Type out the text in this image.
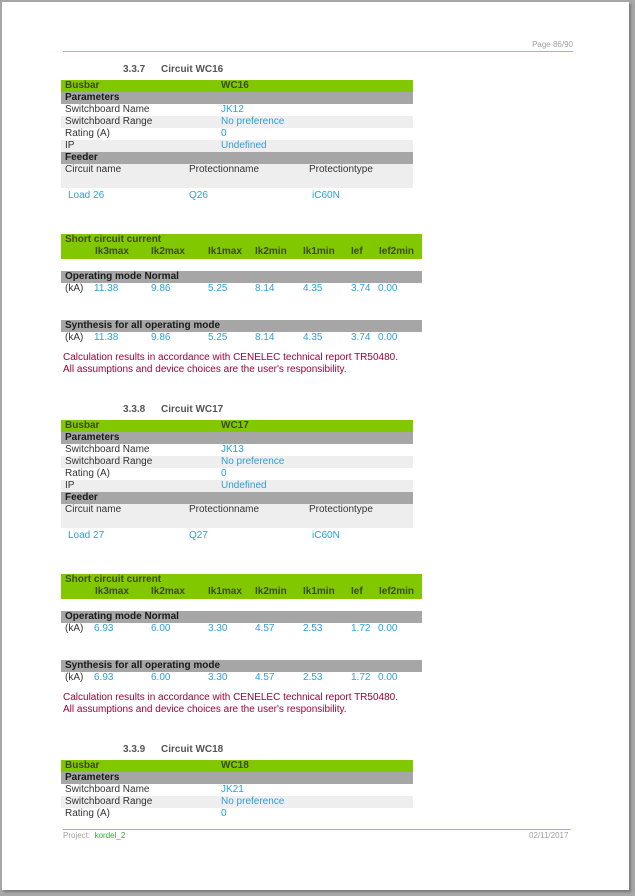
Page 86/90
3.3.7 Circuit WC16
Busbar	WC16
Parameters
Switchboard Name	JK12
Switchboard Range	No preference
Rating (A)	0
IP	Undefined
Feeder
Circuit name	Protectionname	Protectiontype
Load 26	Q26	iC60N
Short circuit current
Ik3max Ik2max Ik1max Ik2min Ik1min Ief Ief2min
Operating mode Normal
(kA) 11.38	9.86	5.25	8.14	4.35	3.74 0.00
Synthesis for all operating mode
(kA) 11.38	9.86	5.25	8.14	4.35	3.74 0.00
Calculation results in accordance with CENELEC technical report TR50480.
All assumptions and device choices are the user's responsibility.
3.3.8 Circuit WC17
Busbar	WC17
Parameters
Switchboard Name	JK13
Switchboard Range	No preference
Rating (A)	0
IP	Undefined
Feeder
Circuit name	Protectionname	Protectiontype
Load 27	Q27	iC60N
Short circuit current
Ik3max Ik2max Ik1max Ik2min Ik1min Ief Ief2min
Operating mode Normal
(kA) 6.93	6.00	3.30	4.57	2.53	1.72 0.00
Synthesis for all operating mode
(kA) 6.93	6.00	3.30	4.57	2.53	1.72 0.00
Calculation results in accordance with CENELEC technical report TR50480.
All assumptions and device choices are the user's responsibility.
3.3.9 Circuit WC18
Busbar	WC18
Parameters
Switchboard Name	JK21
Switchboard Range	No preference
Rating (A)	0
Project: kordel_2	02/11/2017
